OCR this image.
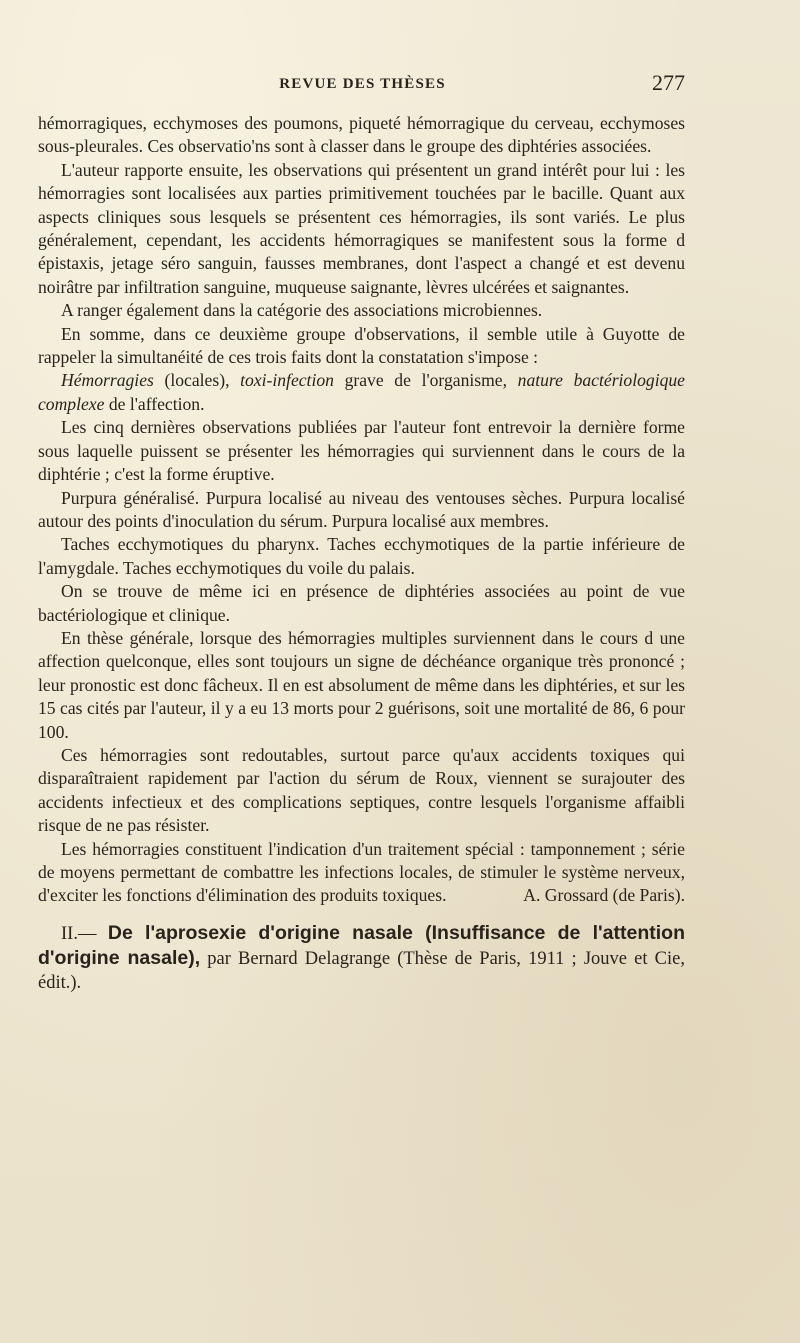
REVUE DES THÈSES	277

hémorragiques, ecchymoses des poumons, piqueté hémorragique du cerveau, ecchymoses sous-pleurales. Ces observatio'ns sont à classer dans le groupe des diphtéries associées.

L'auteur rapporte ensuite, les observations qui présentent un grand intérêt pour lui : les hémorragies sont localisées aux parties primitivement touchées par le bacille. Quant aux aspects cliniques sous lesquels se présentent ces hémorragies, ils sont variés. Le plus généralement, cependant, les accidents hémorragiques se manifestent sous la forme d épistaxis, jetage séro sanguin, fausses membranes, dont l'aspect a changé et est devenu noirâtre par infiltration sanguine, muqueuse saignante, lèvres ulcérées et saignantes.

A ranger également dans la catégorie des associations microbiennes.

En somme, dans ce deuxième groupe d'observations, il semble utile à Guyotte de rappeler la simultanéité de ces trois faits dont la constatation s'impose :

Hémorragies (locales), toxi-infection grave de l'organisme, nature bactériologique complexe de l'affection.

Les cinq dernières observations publiées par l'auteur font entrevoir la dernière forme sous laquelle puissent se présenter les hémorragies qui surviennent dans le cours de la diphtérie ; c'est la forme éruptive.

Purpura généralisé. Purpura localisé au niveau des ventouses sèches. Purpura localisé autour des points d'inoculation du sérum. Purpura localisé aux membres.

Taches ecchymotiques du pharynx. Taches ecchymotiques de la partie inférieure de l'amygdale. Taches ecchymotiques du voile du palais.

On se trouve de même ici en présence de diphtéries associées au point de vue bactériologique et clinique.

En thèse générale, lorsque des hémorragies multiples surviennent dans le cours d une affection quelconque, elles sont toujours un signe de déchéance organique très prononcé ; leur pronostic est donc fâcheux. Il en est absolument de même dans les diphtéries, et sur les 15 cas cités par l'auteur, il y a eu 13 morts pour 2 guérisons, soit une mortalité de 86, 6 pour 100.

Ces hémorragies sont redoutables, surtout parce qu'aux accidents toxiques qui disparaîtraient rapidement par l'action du sérum de Roux, viennent se surajouter des accidents infectieux et des complications septiques, contre lesquels l'organisme affaibli risque de ne pas résister.

Les hémorragies constituent l'indication d'un traitement spécial : tamponnement ; série de moyens permettant de combattre les infections locales, de stimuler le système nerveux, d'exciter les fonctions d'élimination des produits toxiques.	A. Grossard (de Paris).

II.— De l'aprosexie d'origine nasale (Insuffisance de l'attention d'origine nasale), par Bernard Delagrange (Thèse de Paris, 1911 ; Jouve et Cie, édit.).
